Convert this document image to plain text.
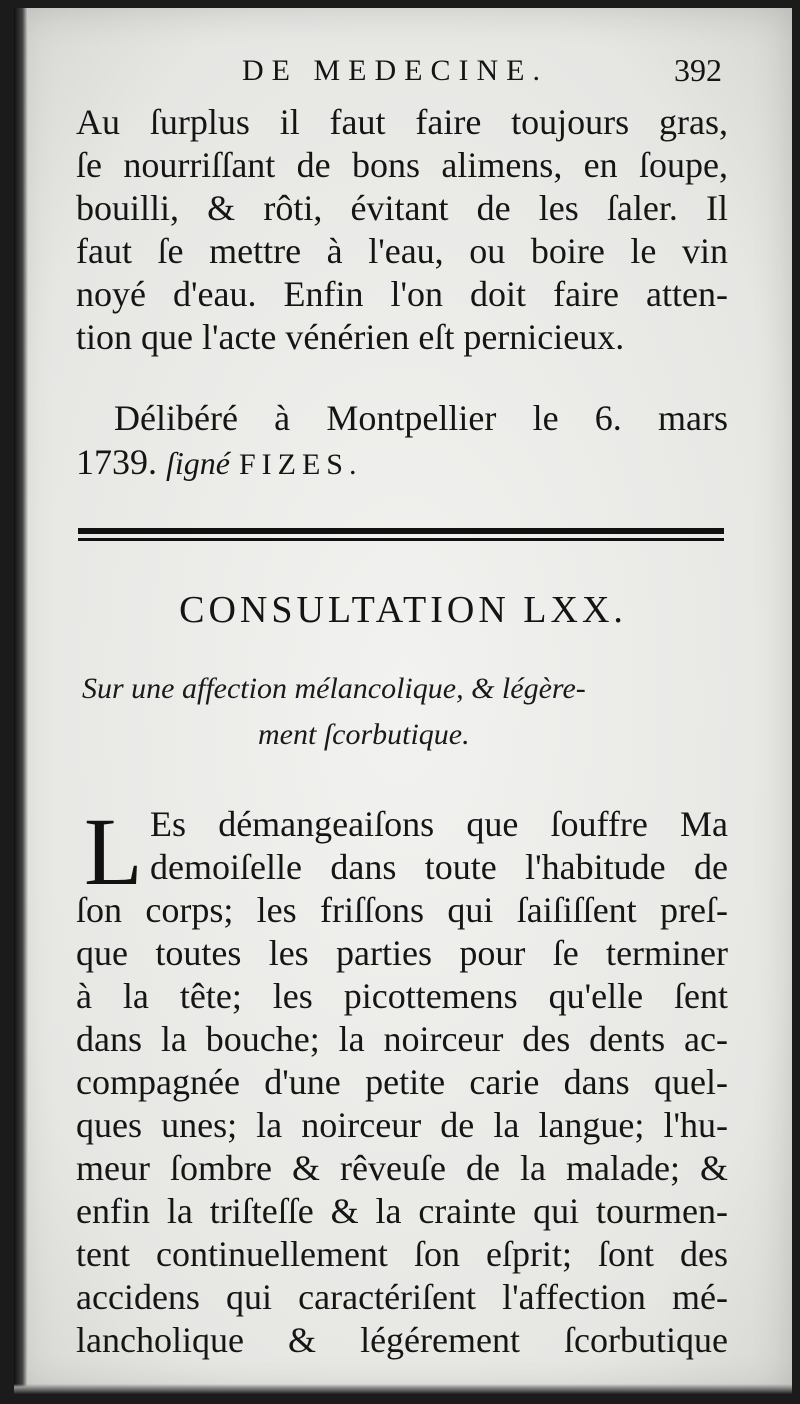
DE MEDECINE.	392
Au ſurplus il faut faire toujours gras,
ſe nourriſſant de bons alimens, en ſoupe,
bouilli, & rôti, évitant de les ſaler. Il
faut ſe mettre à l'eau, ou boire le vin
noyé d'eau. Enfin l'on doit faire atten-
tion que l'acte vénérien eſt pernicieux.
Délibéré à Montpellier le 6. mars
1739. ſigné FIZES.
CONSULTATION LXX.
Sur une affection mélancolique, & légère-
ment ſcorbutique.
L Es démangeaiſons que ſouffre Ma
demoiſelle dans toute l'habitude de
ſon corps; les friſſons qui ſaiſiſſent preſ-
que toutes les parties pour ſe terminer
à la tête; les picottemens qu'elle ſent
dans la bouche; la noirceur des dents ac-
compagnée d'une petite carie dans quel-
ques unes; la noirceur de la langue; l'hu-
meur ſombre & rêveuſe de la malade; &
enfin la triſteſſe & la crainte qui tourmen-
tent continuellement ſon eſprit; ſont des
accidens qui caractériſent l'affection mé-
lancholique & légérement ſcorbutique
